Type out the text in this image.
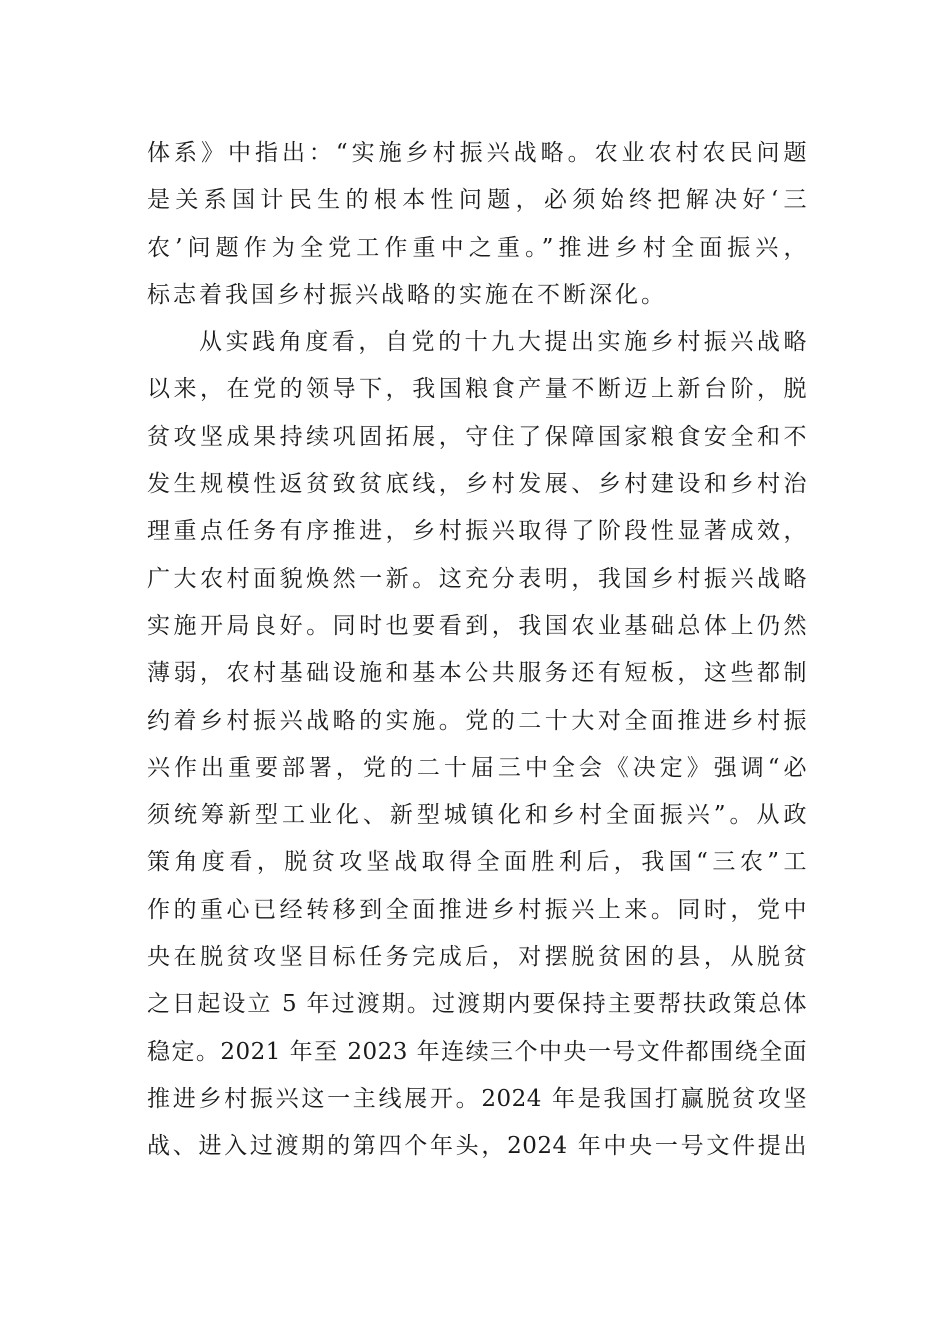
体系》中指出：“实施乡村振兴战略。农业农村农民问题
是关系国计民生的根本性问题，必须始终把解决好‘三
农’问题作为全党工作重中之重。”推进乡村全面振兴，
标志着我国乡村振兴战略的实施在不断深化。
从实践角度看，自党的十九大提出实施乡村振兴战略
以来，在党的领导下，我国粮食产量不断迈上新台阶，脱
贫攻坚成果持续巩固拓展，守住了保障国家粮食安全和不
发生规模性返贫致贫底线，乡村发展、乡村建设和乡村治
理重点任务有序推进，乡村振兴取得了阶段性显著成效，
广大农村面貌焕然一新。这充分表明，我国乡村振兴战略
实施开局良好。同时也要看到，我国农业基础总体上仍然
薄弱，农村基础设施和基本公共服务还有短板，这些都制
约着乡村振兴战略的实施。党的二十大对全面推进乡村振
兴作出重要部署，党的二十届三中全会《决定》强调“必
须统筹新型工业化、新型城镇化和乡村全面振兴”。从政
策角度看，脱贫攻坚战取得全面胜利后，我国“三农”工
作的重心已经转移到全面推进乡村振兴上来。同时，党中
央在脱贫攻坚目标任务完成后，对摆脱贫困的县，从脱贫
之日起设立 5 年过渡期。过渡期内要保持主要帮扶政策总体
稳定。2021 年至 2023 年连续三个中央一号文件都围绕全面
推进乡村振兴这一主线展开。2024 年是我国打赢脱贫攻坚
战、进入过渡期的第四个年头，2024 年中央一号文件提出
